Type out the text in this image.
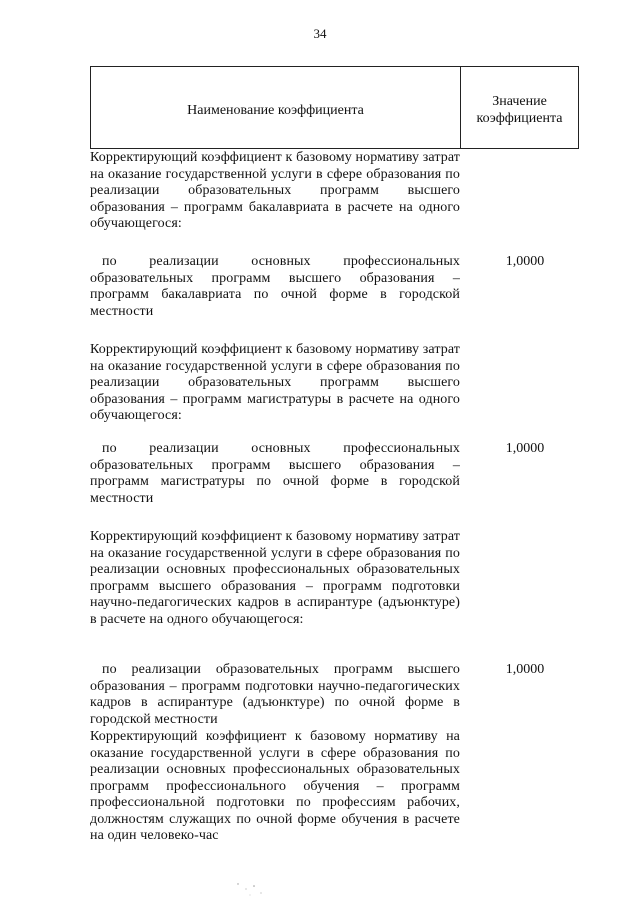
34
Наименование коэффициента
Значение коэффициента
Корректирующий коэффициент к базовому нормативу затрат на оказание государственной услуги в сфере образования по реализации образовательных программ высшего образования – программ бакалавриата в расчете на одного обучающегося:
по реализации основных профессиональных образовательных программ высшего образования – программ бакалавриата по очной форме в городской местности
1,0000
Корректирующий коэффициент к базовому нормативу затрат на оказание государственной услуги в сфере образования по реализации образовательных программ высшего образования – программ магистратуры в расчете на одного обучающегося:
по реализации основных профессиональных образовательных программ высшего образования – программ магистратуры по очной форме в городской местности
1,0000
Корректирующий коэффициент к базовому нормативу затрат на оказание государственной услуги в сфере образования по реализации основных профессиональных образовательных программ высшего образования – программ подготовки научно-педагогических кадров в аспирантуре (адъюнктуре) в расчете на одного обучающегося:
по реализации образовательных программ высшего образования – программ подготовки научно-педагогических кадров в аспирантуре (адъюнктуре) по очной форме в городской местности
1,0000
Корректирующий коэффициент к базовому нормативу на оказание государственной услуги в сфере образования по реализации основных профессиональных образовательных программ профессионального обучения – программ профессиональной подготовки по профессиям рабочих, должностям служащих по очной форме обучения в расчете на один человеко-час
